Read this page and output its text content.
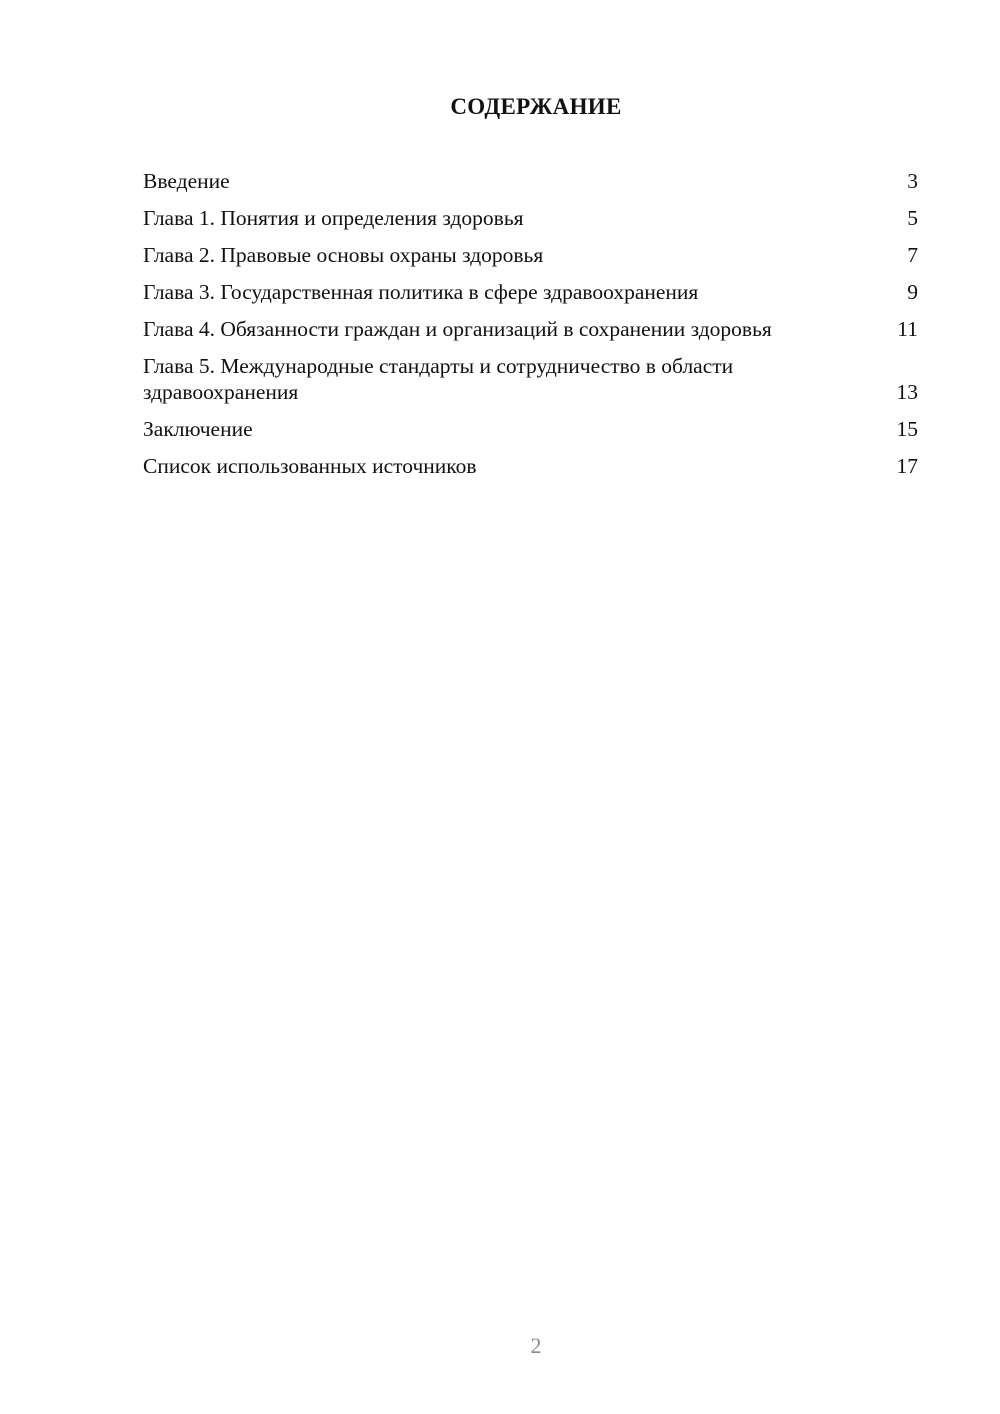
СОДЕРЖАНИЕ
Введение	3
Глава 1. Понятия и определения здоровья	5
Глава 2. Правовые основы охраны здоровья	7
Глава 3. Государственная политика в сфере здравоохранения	9
Глава 4. Обязанности граждан и организаций в сохранении здоровья	11
Глава 5. Международные стандарты и сотрудничество в области здравоохранения	13
Заключение	15
Список использованных источников	17
2
